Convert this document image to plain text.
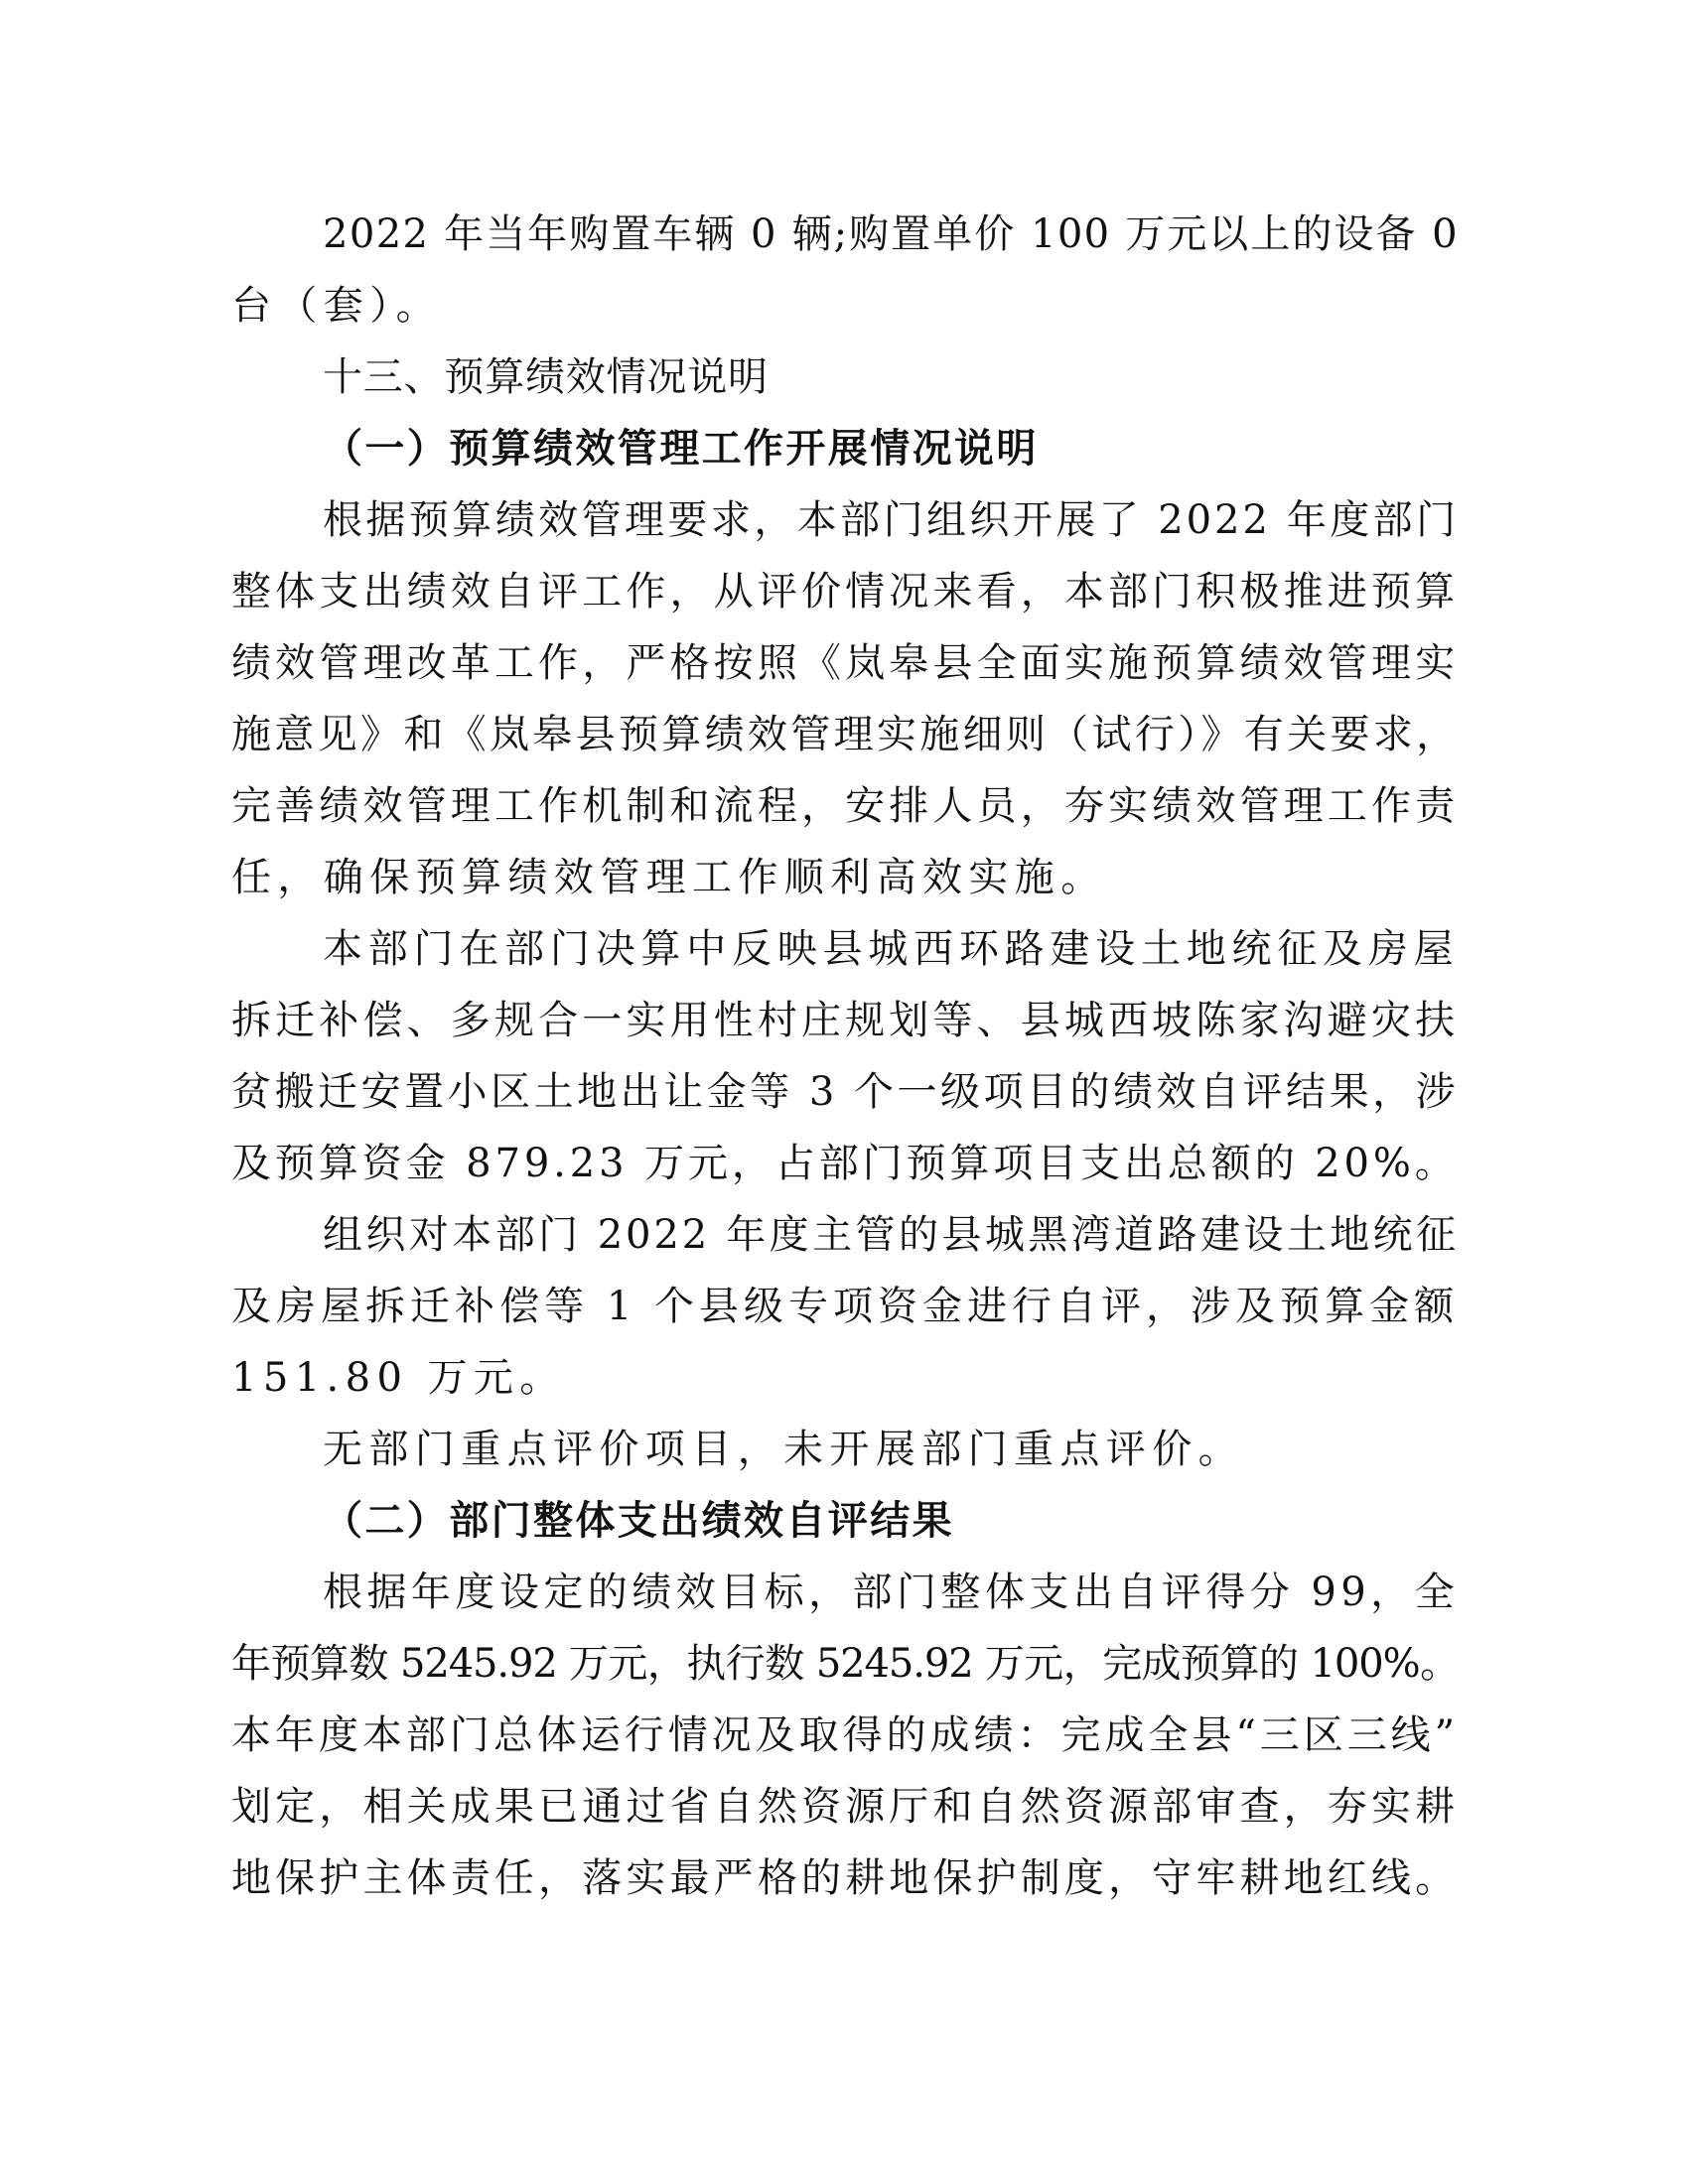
2022 年当年购置车辆 0 辆;购置单价 100 万元以上的设备 0

台（套）。

十三、预算绩效情况说明

（一）预算绩效管理工作开展情况说明

根据预算绩效管理要求，本部门组织开展了 2022 年度部门

整体支出绩效自评工作，从评价情况来看，本部门积极推进预算

绩效管理改革工作，严格按照《岚皋县全面实施预算绩效管理实

施意见》和《岚皋县预算绩效管理实施细则（试行）》有关要求，

完善绩效管理工作机制和流程，安排人员，夯实绩效管理工作责

任，确保预算绩效管理工作顺利高效实施。

本部门在部门决算中反映县城西环路建设土地统征及房屋

拆迁补偿、多规合一实用性村庄规划等、县城西坡陈家沟避灾扶

贫搬迁安置小区土地出让金等 3 个一级项目的绩效自评结果，涉

及预算资金 879.23 万元，占部门预算项目支出总额的 20%。

组织对本部门 2022 年度主管的县城黑湾道路建设土地统征

及房屋拆迁补偿等 1 个县级专项资金进行自评，涉及预算金额

151.80 万元。

无部门重点评价项目，未开展部门重点评价。

（二）部门整体支出绩效自评结果

根据年度设定的绩效目标，部门整体支出自评得分 99，全

年预算数 5245.92 万元，执行数 5245.92 万元，完成预算的 100%。

本年度本部门总体运行情况及取得的成绩：完成全县“三区三线”

划定，相关成果已通过省自然资源厅和自然资源部审查，夯实耕

地保护主体责任，落实最严格的耕地保护制度，守牢耕地红线。
